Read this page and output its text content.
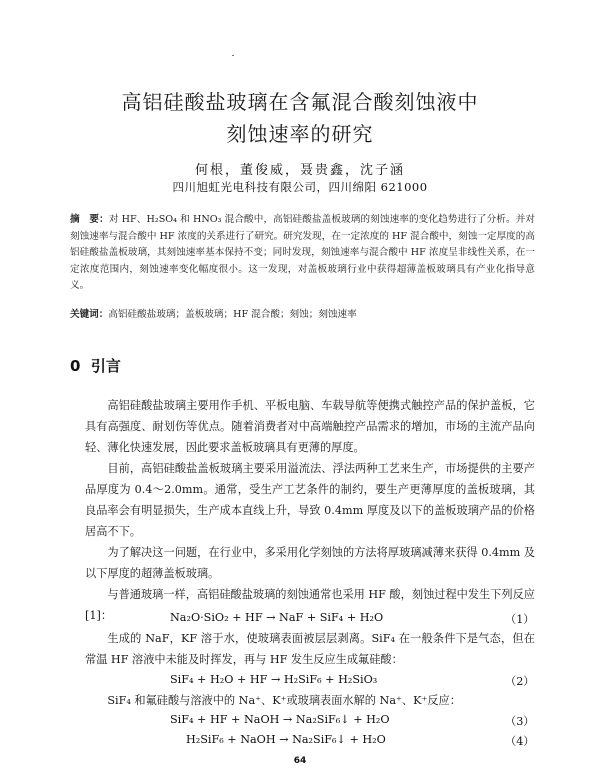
高铝硅酸盐玻璃在含氟混合酸刻蚀液中
刻蚀速率的研究
何根，董俊威，聂贵鑫，沈子涵
四川旭虹光电科技有限公司，四川绵阳 621000
摘　要：对 HF、H₂SO₄ 和 HNO₃ 混合酸中，高铝硅酸盐盖板玻璃的刻蚀速率的变化趋势进行了分析。并对刻蚀速率与混合酸中 HF 浓度的关系进行了研究。研究发现，在一定浓度的 HF 混合酸中，刻蚀一定厚度的高铝硅酸盐盖板玻璃，其刻蚀速率基本保持不变；同时发现，刻蚀速率与混合酸中 HF 浓度呈非线性关系，在一定浓度范围内，刻蚀速率变化幅度很小。这一发现，对盖板玻璃行业中获得超薄盖板玻璃具有产业化指导意义。
关键词：高铝硅酸盐玻璃；盖板玻璃；HF 混合酸；刻蚀；刻蚀速率
0 引言
高铝硅酸盐玻璃主要用作手机、平板电脑、车载导航等便携式触控产品的保护盖板，它具有高强度、耐划伤等优点。随着消费者对中高端触控产品需求的增加，市场的主流产品向轻、薄化快速发展，因此要求盖板玻璃具有更薄的厚度。
目前，高铝硅酸盐盖板玻璃主要采用溢流法、浮法两种工艺来生产，市场提供的主要产品厚度为 0.4～2.0mm。通常，受生产工艺条件的制约，要生产更薄厚度的盖板玻璃，其良品率会有明显损失，生产成本直线上升，导致 0.4mm 厚度及以下的盖板玻璃产品的价格居高不下。
为了解决这一问题，在行业中，多采用化学刻蚀的方法将厚玻璃减薄来获得 0.4mm 及以下厚度的超薄盖板玻璃。
与普通玻璃一样，高铝硅酸盐玻璃的刻蚀通常也采用 HF 酸，刻蚀过程中发生下列反应[1]：	Na₂O·SiO₂ + HF → NaF + SiF₄ + H₂O	（1）
生成的 NaF，KF 溶于水，使玻璃表面被层层剥离。SiF₄ 在一般条件下是气态，但在常温 HF 溶液中未能及时挥发，再与 HF 发生反应生成氟硅酸：
SiF₄ + H₂O + HF → H₂SiF₆ + H₂SiO₃	（2）
SiF₄ 和氟硅酸与溶液中的 Na⁺、K⁺或玻璃表面水解的 Na⁺、K⁺反应：
SiF₄ + HF + NaOH → Na₂SiF₆↓ + H₂O	（3）
H₂SiF₆ + NaOH → Na₂SiF₆↓ + H₂O	（4）
64
